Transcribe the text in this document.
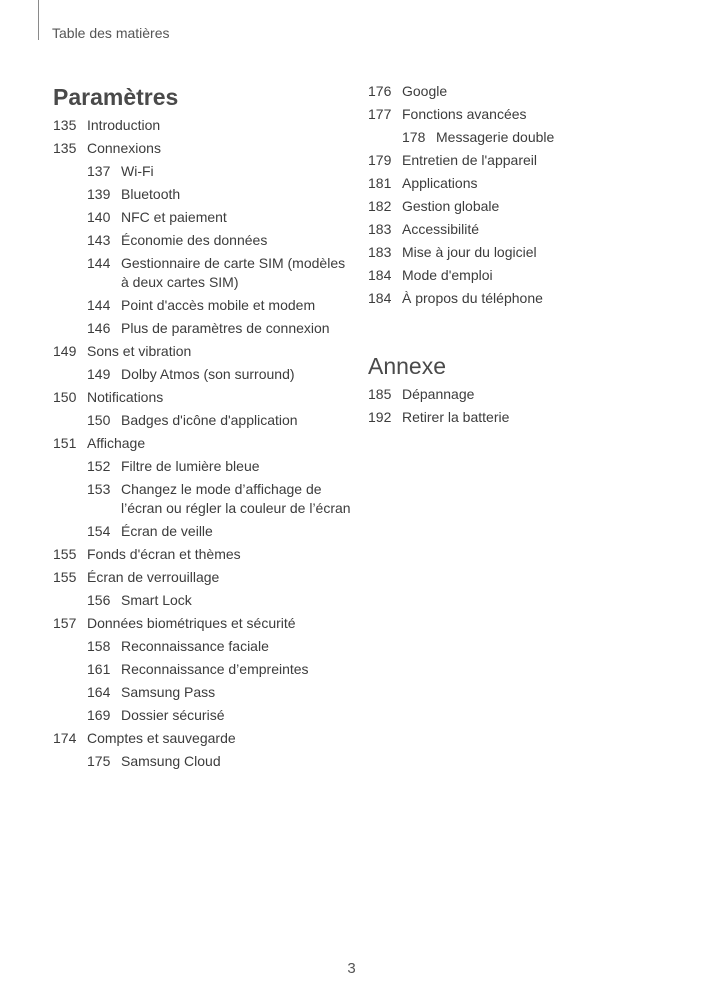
Table des matières
Paramètres
135 Introduction
135 Connexions
137 Wi-Fi
139 Bluetooth
140 NFC et paiement
143 Économie des données
144 Gestionnaire de carte SIM (modèles à deux cartes SIM)
144 Point d'accès mobile et modem
146 Plus de paramètres de connexion
149 Sons et vibration
149 Dolby Atmos (son surround)
150 Notifications
150 Badges d'icône d'application
151 Affichage
152 Filtre de lumière bleue
153 Changez le mode d’affichage de l’écran ou régler la couleur de l’écran
154 Écran de veille
155 Fonds d'écran et thèmes
155 Écran de verrouillage
156 Smart Lock
157 Données biométriques et sécurité
158 Reconnaissance faciale
161 Reconnaissance d’empreintes
164 Samsung Pass
169 Dossier sécurisé
174 Comptes et sauvegarde
175 Samsung Cloud
176 Google
177 Fonctions avancées
178 Messagerie double
179 Entretien de l'appareil
181 Applications
182 Gestion globale
183 Accessibilité
183 Mise à jour du logiciel
184 Mode d'emploi
184 À propos du téléphone
Annexe
185 Dépannage
192 Retirer la batterie
3
